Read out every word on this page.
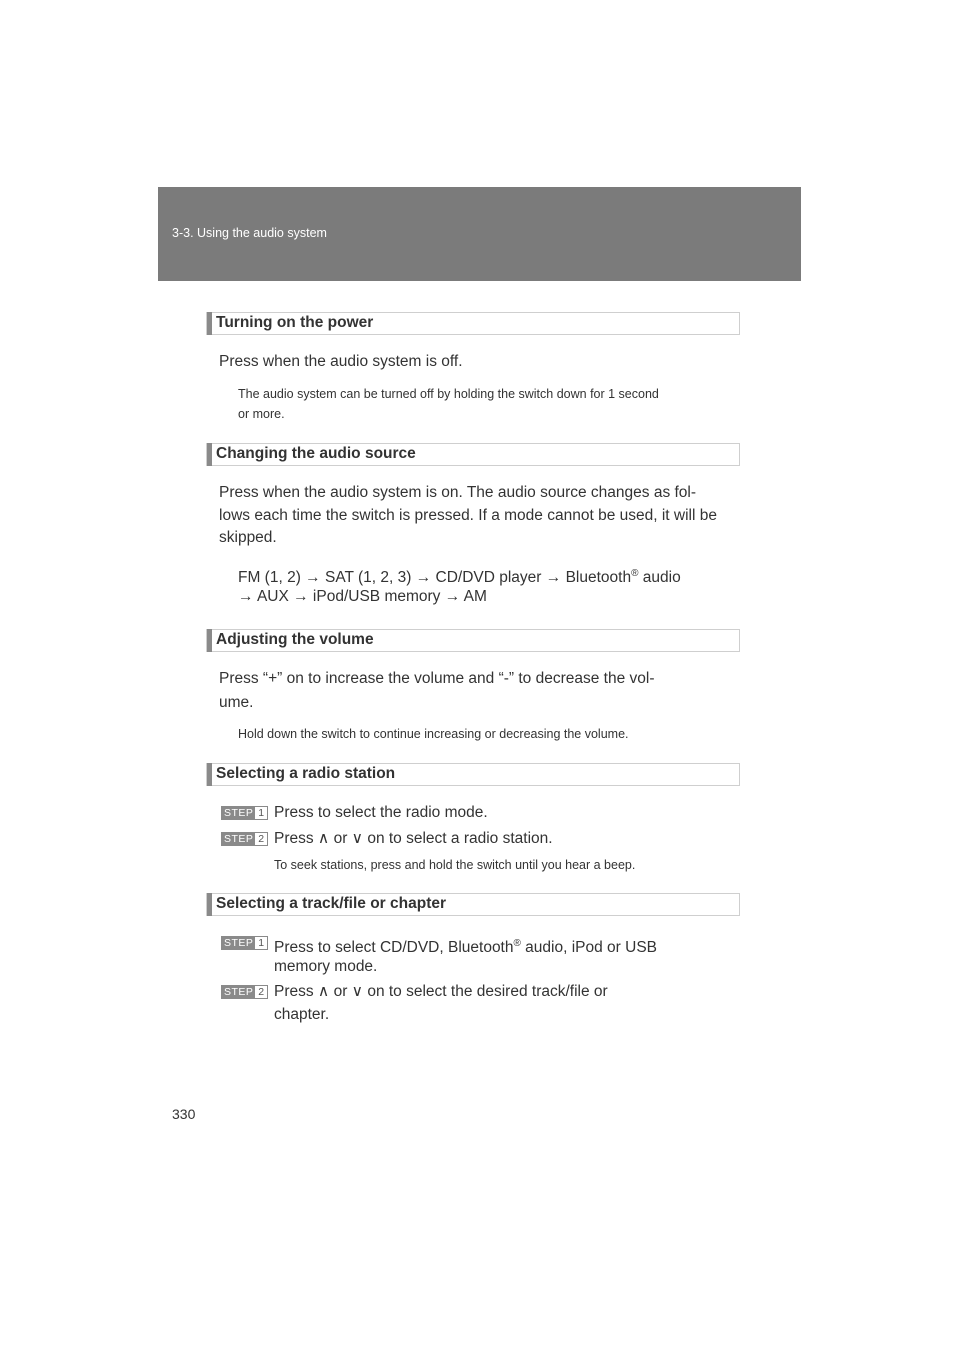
3-3. Using the audio system
Turning on the power
Press when the audio system is off.
The audio system can be turned off by holding the switch down for 1 second
or more.
Changing the audio source
Press when the audio system is on. The audio source changes as fol-
lows each time the switch is pressed. If a mode cannot be used, it will be
skipped.
FM (1, 2) → SAT (1, 2, 3) → CD/DVD player → Bluetooth® audio
→ AUX → iPod/USB memory → AM
Adjusting the volume
Press “+” on to increase the volume and “-” to decrease the vol-
ume.
Hold down the switch to continue increasing or decreasing the volume.
Selecting a radio station
STEP 1 Press to select the radio mode.
STEP 2 Press ∧ or ∨ on to select a radio station.
To seek stations, press and hold the switch until you hear a beep.
Selecting a track/file or chapter
STEP 1 Press to select CD/DVD, Bluetooth® audio, iPod or USB
memory mode.
STEP 2 Press ∧ or ∨ on to select the desired track/file or
chapter.
330
